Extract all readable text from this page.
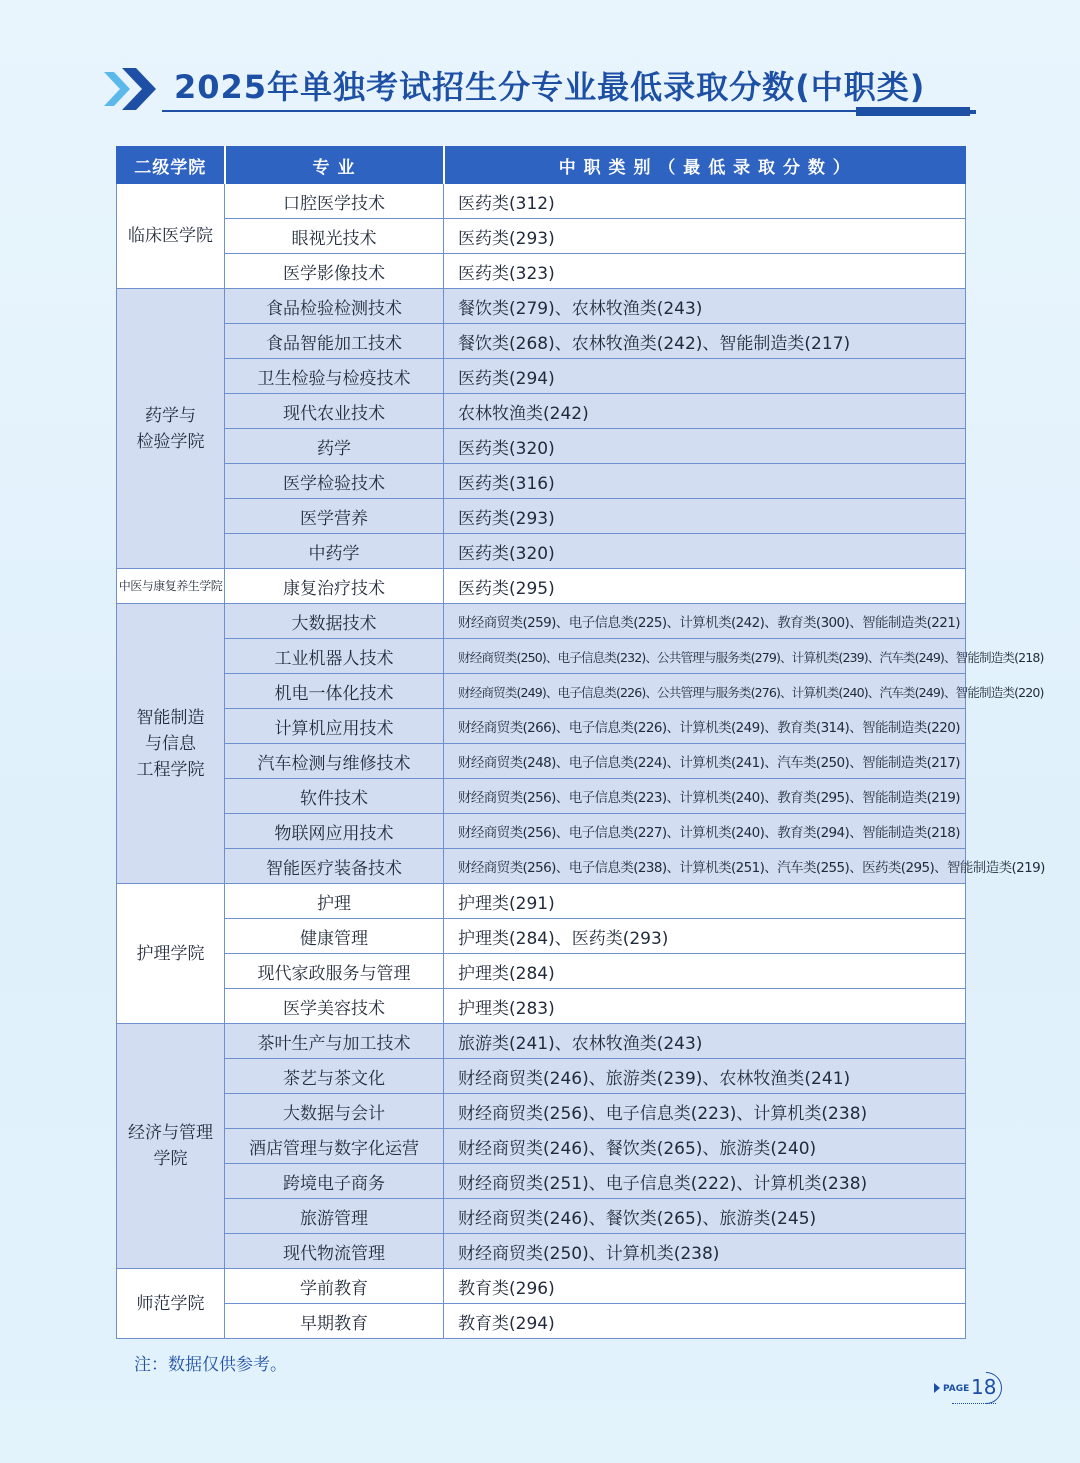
2025年单独考试招生分专业最低录取分数(中职类)
二级学院	专 业	中 职 类 别 （ 最 低 录 取 分 数 ）
临床医学院	口腔医学技术	医药类(312)
	眼视光技术	医药类(293)
	医学影像技术	医药类(323)
药学与
检验学院	食品检验检测技术	餐饮类(279)、农林牧渔类(243)
	食品智能加工技术	餐饮类(268)、农林牧渔类(242)、智能制造类(217)
	卫生检验与检疫技术	医药类(294)
	现代农业技术	农林牧渔类(242)
	药学	医药类(320)
	医学检验技术	医药类(316)
	医学营养	医药类(293)
	中药学	医药类(320)
中医与康复养生学院	康复治疗技术	医药类(295)
智能制造
与信息
工程学院	大数据技术	财经商贸类(259)、电子信息类(225)、计算机类(242)、教育类(300)、智能制造类(221)
	工业机器人技术	财经商贸类(250)、电子信息类(232)、公共管理与服务类(279)、计算机类(239)、汽车类(249)、智能制造类(218)
	机电一体化技术	财经商贸类(249)、电子信息类(226)、公共管理与服务类(276)、计算机类(240)、汽车类(249)、智能制造类(220)
	计算机应用技术	财经商贸类(266)、电子信息类(226)、计算机类(249)、教育类(314)、智能制造类(220)
	汽车检测与维修技术	财经商贸类(248)、电子信息类(224)、计算机类(241)、汽车类(250)、智能制造类(217)
	软件技术	财经商贸类(256)、电子信息类(223)、计算机类(240)、教育类(295)、智能制造类(219)
	物联网应用技术	财经商贸类(256)、电子信息类(227)、计算机类(240)、教育类(294)、智能制造类(218)
	智能医疗装备技术	财经商贸类(256)、电子信息类(238)、计算机类(251)、汽车类(255)、医药类(295)、智能制造类(219)
护理学院	护理	护理类(291)
	健康管理	护理类(284)、医药类(293)
	现代家政服务与管理	护理类(284)
	医学美容技术	护理类(283)
经济与管理
学院	茶叶生产与加工技术	旅游类(241)、农林牧渔类(243)
	茶艺与茶文化	财经商贸类(246)、旅游类(239)、农林牧渔类(241)
	大数据与会计	财经商贸类(256)、电子信息类(223)、计算机类(238)
	酒店管理与数字化运营	财经商贸类(246)、餐饮类(265)、旅游类(240)
	跨境电子商务	财经商贸类(251)、电子信息类(222)、计算机类(238)
	旅游管理	财经商贸类(246)、餐饮类(265)、旅游类(245)
	现代物流管理	财经商贸类(250)、计算机类(238)
师范学院	学前教育	教育类(296)
	早期教育	教育类(294)
注：数据仅供参考。
PAGE 18
